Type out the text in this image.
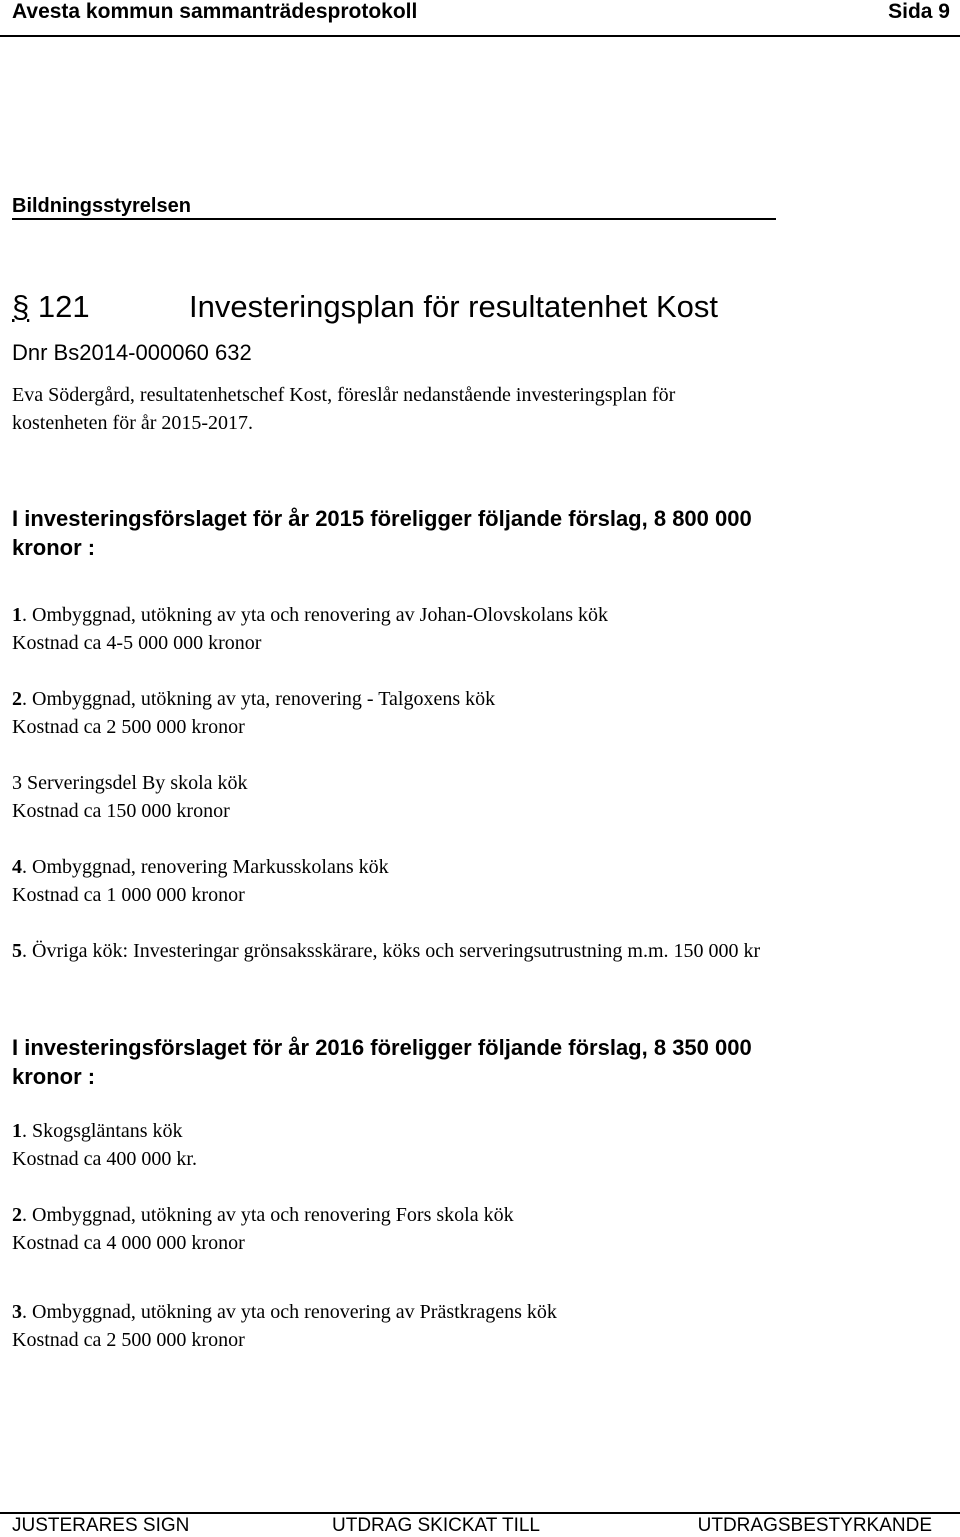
Avesta kommun sammanträdesprotokoll	Sida 9
Bildningsstyrelsen
§ 121	Investeringsplan för resultatenhet Kost
Dnr Bs2014-000060 632
Eva Södergård, resultatenhetschef Kost, föreslår nedanstående investeringsplan för
kostenheten för år 2015-2017.
I investeringsförslaget för år 2015 föreligger följande förslag, 8 800 000
kronor :
1. Ombyggnad, utökning av yta och renovering av Johan-Olovskolans kök
Kostnad ca 4-5 000 000 kronor
2. Ombyggnad, utökning av yta, renovering - Talgoxens kök
Kostnad ca 2 500 000 kronor
3 Serveringsdel By skola kök
Kostnad ca 150 000 kronor
4. Ombyggnad, renovering Markusskolans kök
Kostnad ca 1 000 000 kronor
5. Övriga kök: Investeringar grönsaksskärare, köks och serveringsutrustning m.m. 150 000 kr
I investeringsförslaget för år 2016 föreligger följande förslag, 8 350 000
kronor :
1. Skogsgläntans kök
Kostnad ca 400 000 kr.
2. Ombyggnad, utökning av yta och renovering Fors skola kök
Kostnad ca 4 000 000 kronor
3. Ombyggnad, utökning av yta och renovering av Prästkragens kök
Kostnad ca 2 500 000 kronor
JUSTERARES SIGN	UTDRAG SKICKAT TILL	UTDRAGSBESTYRKANDE
